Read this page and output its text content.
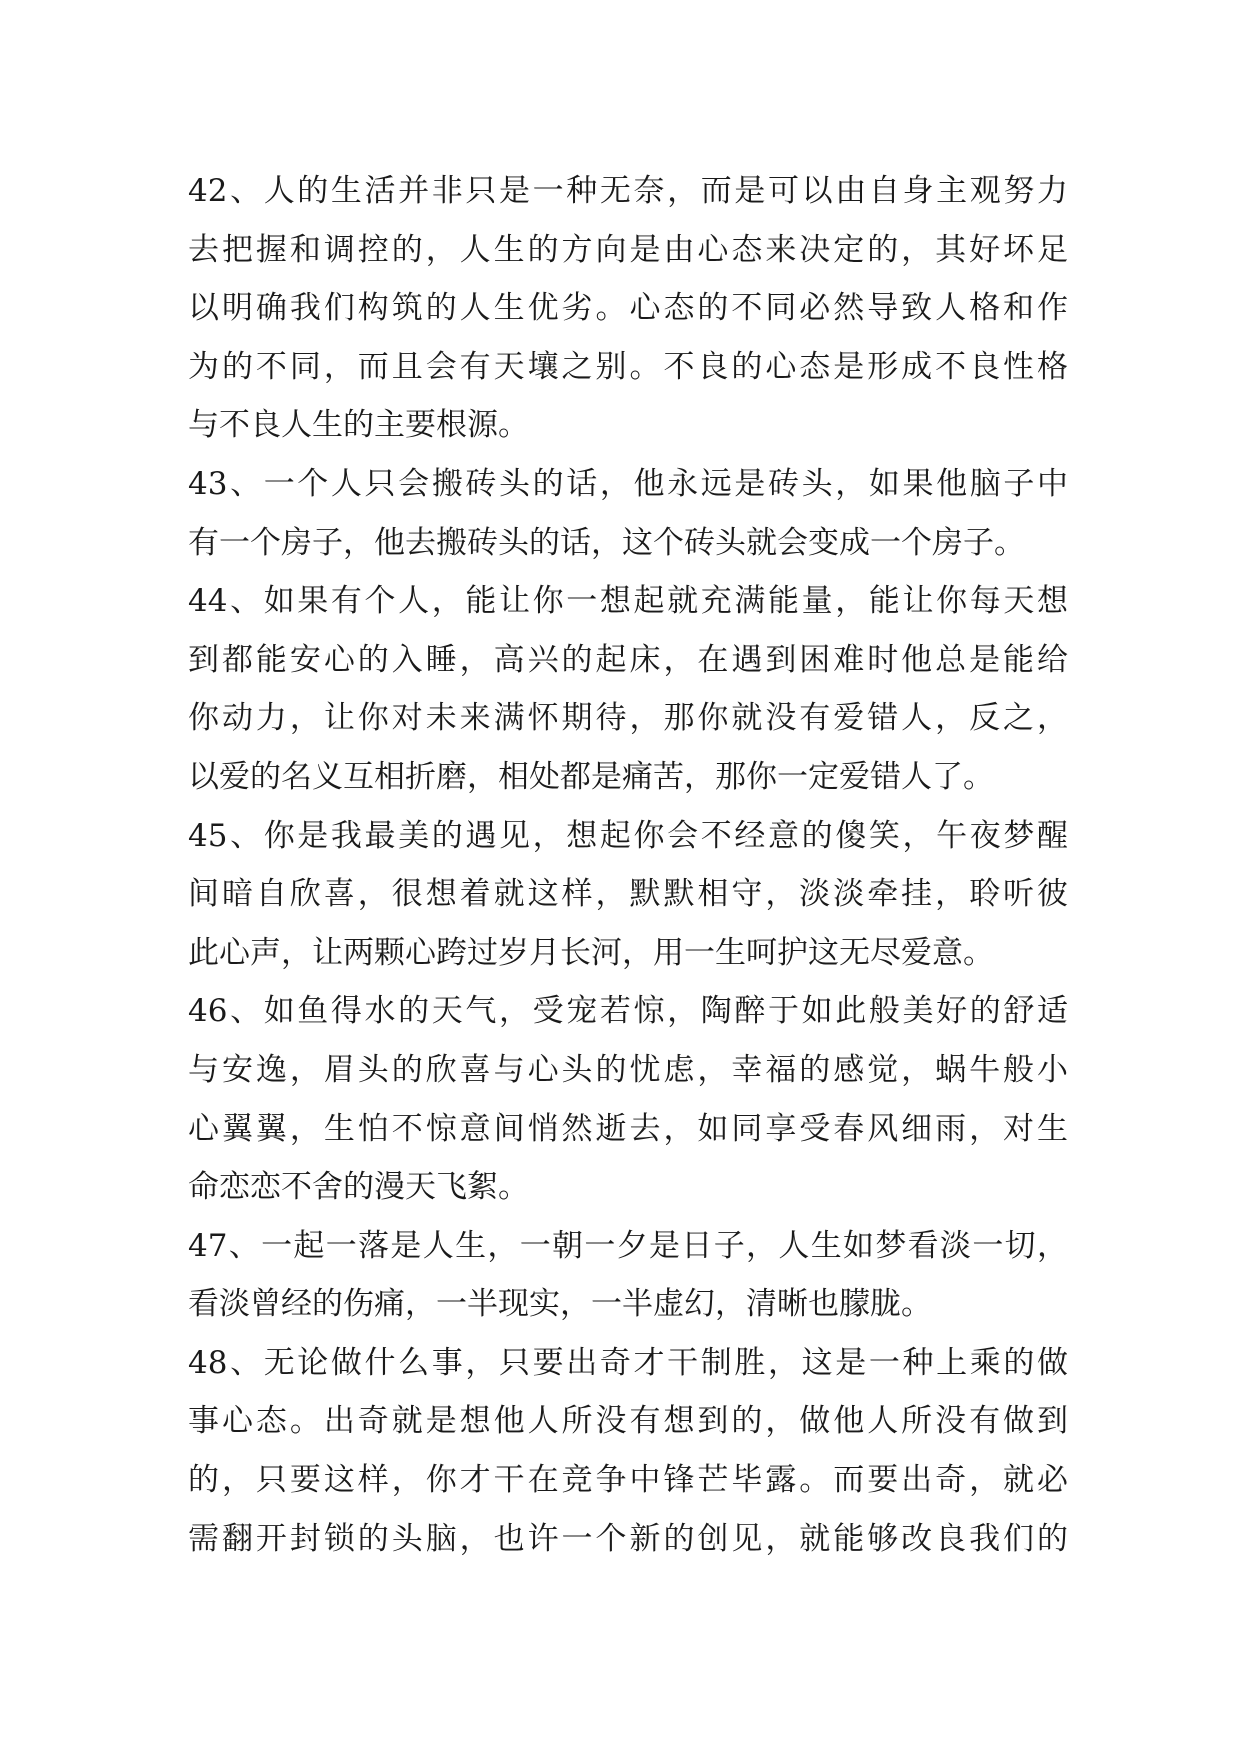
42、人的生活并非只是一种无奈，而是可以由自身主观努力
去把握和调控的，人生的方向是由心态来决定的，其好坏足
以明确我们构筑的人生优劣。心态的不同必然导致人格和作
为的不同，而且会有天壤之别。不良的心态是形成不良性格
与不良人生的主要根源。
43、一个人只会搬砖头的话，他永远是砖头，如果他脑子中
有一个房子，他去搬砖头的话，这个砖头就会变成一个房子。
44、如果有个人，能让你一想起就充满能量，能让你每天想
到都能安心的入睡，高兴的起床，在遇到困难时他总是能给
你动力，让你对未来满怀期待，那你就没有爱错人，反之，
以爱的名义互相折磨，相处都是痛苦，那你一定爱错人了。
45、你是我最美的遇见，想起你会不经意的傻笑，午夜梦醒
间暗自欣喜，很想着就这样，默默相守，淡淡牵挂，聆听彼
此心声，让两颗心跨过岁月长河，用一生呵护这无尽爱意。
46、如鱼得水的天气，受宠若惊，陶醉于如此般美好的舒适
与安逸，眉头的欣喜与心头的忧虑，幸福的感觉，蜗牛般小
心翼翼，生怕不惊意间悄然逝去，如同享受春风细雨，对生
命恋恋不舍的漫天飞絮。
47、一起一落是人生，一朝一夕是日子，人生如梦看淡一切，
看淡曾经的伤痛，一半现实，一半虚幻，清晰也朦胧。
48、无论做什么事，只要出奇才干制胜，这是一种上乘的做
事心态。出奇就是想他人所没有想到的，做他人所没有做到
的，只要这样，你才干在竞争中锋芒毕露。而要出奇，就必
需翻开封锁的头脑，也许一个新的创见，就能够改良我们的
